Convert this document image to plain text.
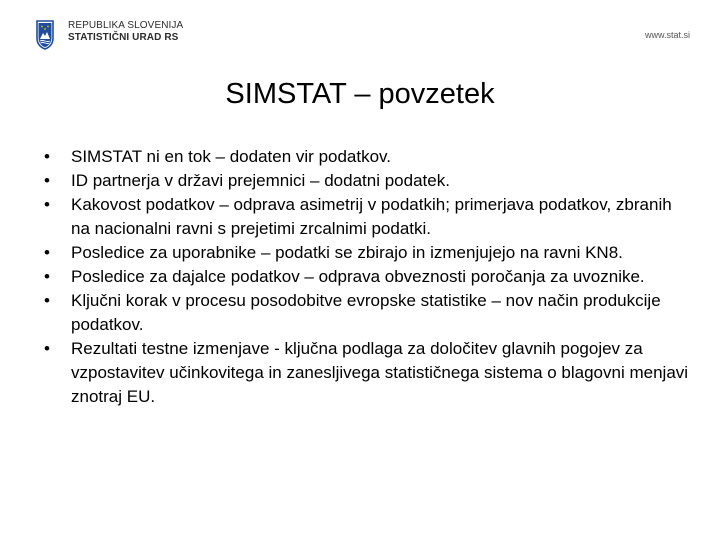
REPUBLIKA SLOVENIJA
STATISTIČNI URAD RS	www.stat.si
SIMSTAT – povzetek
• SIMSTAT ni en tok – dodaten vir podatkov.
• ID partnerja v državi prejemnici – dodatni podatek.
• Kakovost podatkov – odprava asimetrij v podatkih; primerjava podatkov, zbranih na nacionalni ravni s prejetimi zrcalnimi podatki.
• Posledice za uporabnike – podatki se zbirajo in izmenjujejo na ravni KN8.
• Posledice za dajalce podatkov – odprava obveznosti poročanja za uvoznike.
• Ključni korak v procesu posodobitve evropske statistike – nov način produkcije podatkov.
• Rezultati testne izmenjave - ključna podlaga za določitev glavnih pogojev za vzpostavitev učinkovitega in zanesljivega statističnega sistema o blagovni menjavi znotraj EU.
